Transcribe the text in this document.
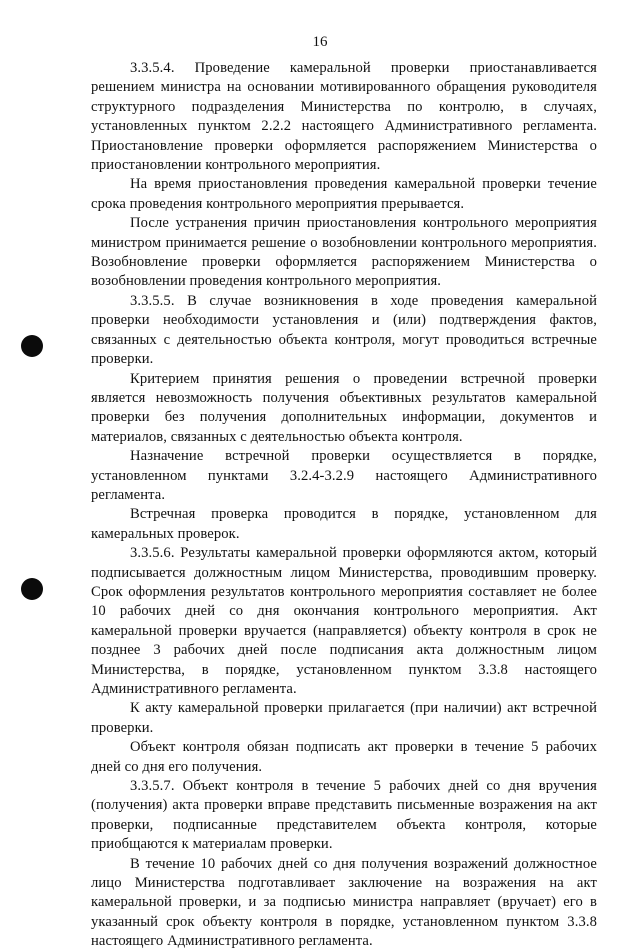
16

3.3.5.4. Проведение камеральной проверки приостанавливается решением министра на основании мотивированного обращения руководителя структурного подразделения Министерства по контролю, в случаях, установленных пунктом 2.2.2 настоящего Административного регламента. Приостановление проверки оформляется распоряжением Министерства о приостановлении контрольного мероприятия.

На время приостановления проведения камеральной проверки течение срока проведения контрольного мероприятия прерывается.

После устранения причин приостановления контрольного мероприятия министром принимается решение о возобновлении контрольного мероприятия. Возобновление проверки оформляется распоряжением Министерства о возобновлении проведения контрольного мероприятия.

3.3.5.5. В случае возникновения в ходе проведения камеральной проверки необходимости установления и (или) подтверждения фактов, связанных с деятельностью объекта контроля, могут проводиться встречные проверки.

Критерием принятия решения о проведении встречной проверки является невозможность получения объективных результатов камеральной проверки без получения дополнительных информации, документов и материалов, связанных с деятельностью объекта контроля.

Назначение встречной проверки осуществляется в порядке, установленном пунктами 3.2.4-3.2.9 настоящего Административного регламента.

Встречная проверка проводится в порядке, установленном для камеральных проверок.

3.3.5.6. Результаты камеральной проверки оформляются актом, который подписывается должностным лицом Министерства, проводившим проверку. Срок оформления результатов контрольного мероприятия составляет не более 10 рабочих дней со дня окончания контрольного мероприятия. Акт камеральной проверки вручается (направляется) объекту контроля в срок не позднее 3 рабочих дней после подписания акта должностным лицом Министерства, в порядке, установленном пунктом 3.3.8 настоящего Административного регламента.

К акту камеральной проверки прилагается (при наличии) акт встречной проверки.

Объект контроля обязан подписать акт проверки в течение 5 рабочих дней со дня его получения.

3.3.5.7. Объект контроля в течение 5 рабочих дней со дня вручения (получения) акта проверки вправе представить письменные возражения на акт проверки, подписанные представителем объекта контроля, которые приобщаются к материалам проверки.

В течение 10 рабочих дней со дня получения возражений должностное лицо Министерства подготавливает заключение на возражения на акт камеральной проверки, и за подписью министра направляет (вручает) его в указанный срок объекту контроля в порядке, установленном пунктом 3.3.8 настоящего Административного регламента.
